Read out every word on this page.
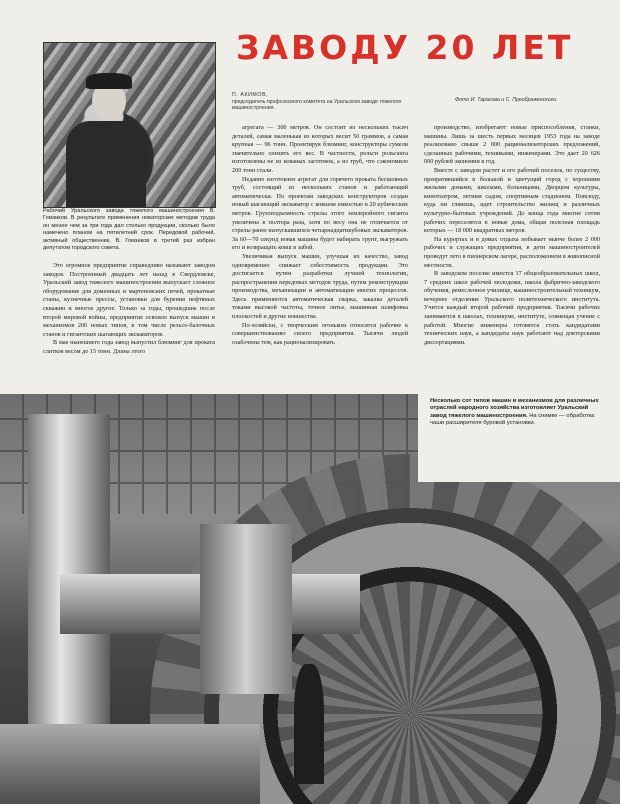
Рабочий Уральского завода тяжелого машиностроения В. Гомзиков. В результате применения новаторских методов труда он менее чем за три года дал столько продукции, сколько было намечено планом на пятилетний срок. Передовой рабочий, активный общественник, В. Гомзиков в третий раз избран депутатом городского совета.
ЗАВОДУ 20 ЛЕТ
П. АКИМОВ,
председатель профсоюзного комитета на Уральском заводе тяжелого машиностроения.
Фото И. Тарасова и С. Преображенского.

Это огромное предприятие справедливо называют заводом заводов. Построенный двадцать лет назад в Свердловске, Уральский завод тяжелого машиностроения выпускает сложное оборудование для доменных и мартеновских печей, прокатные станы, кузнечные прессы, установки для бурения нефтяных скважин и многое другое. Только за годы, прошедшие после второй мировой войны, предприятие освоило выпуск машин и механизмов 200 новых типов, в том числе рельсо-балочных станов и гигантских шагающих экскаваторов.

В мае нынешнего года завод выпустил блюминг для проката слитков весом до 15 тонн. Длина этого

агрегата — 300 метров. Он состоит из нескольких тысяч деталей, самая маленькая из которых весит 50 граммов, а самая крупная — 96 тонн. Проектируя блюминг, конструкторы сумели значительно снизить его вес. В частности, рольги рольганга изготовлены не из кованых заготовок, а из труб, что сэкономило 200 тонн стали.

Недавно изготовлен агрегат для горячего проката бесшовных труб, состоящий из нескольких станов и работающий автоматически. По проектам заводских конструкторов создан новый шагающий экскаватор с ковшом емкостью в 20 кубических метров. Грузоподъемность стрелы этого землеройного гиганта увеличена в полтора раза, хотя по весу она не отличается от стрелы ранее выпускавшихся четырнадцатикубовых экскаваторов. За 60—70 секунд новая машина будет набирать грунт, выгружать его и возвращать ковш в забой.

Увеличивая выпуск машин, улучшая их качество, завод одновременно снижает себестоимость продукции. Это достигается путем разработки лучшей технологии, распространения передовых методов труда, путем реконструкции производства, механизации и автоматизации многих процессов. Здесь применяются автоматическая сварка, закалка деталей токами высокой частоты, точное литье, машинная шлифовка плоскостей и другие новшества.

По-хозяйски, с творческим огоньком относятся рабочие к совершенствованию своего предприятия. Тысячи людей озабочены тем, как рационализировать

производство, изобретают новые приспособления, станки, машины. Лишь за шесть первых месяцев 1953 года на заводе реализовано свыше 2 000 рационализаторских предложений, сделанных рабочими, техниками, инженерами. Это дает 20 626 000 рублей экономии в год.

Вместе с заводом растет и его рабочий поселок, по существу, превратившийся в большой и цветущий город с хорошими жилыми домами, школами, больницами, Дворцом культуры, кинотеатром, летним садом, спортивным стадионом. Повсюду, куда ни глянешь, идет строительство жилищ и различных культурно-бытовых учреждений. До конца года многие сотни рабочих переселятся в новые дома, общая полезная площадь которых — 18 000 квадратных метров.

На курортах и в домах отдыха побывает нынче более 2 000 рабочих и служащих предприятия, в дети машиностроителей проведут лето в пионерском лагере, расположенном в живописной местности.

В заводском поселке имеется 17 общеобразовательных школ, 7 средних школ рабочей молодежи, школа фабрично-заводского обучения, ремесленное училище, машиностроительный техникум, вечернее отделение Уральского политехнического института. Учится каждый второй рабочий предприятия. Тысячи рабочих занимаются в школах, техникуме, институте, совмещая учение с работой. Многие инженеры готовятся стать кандидатами технических наук, а кандидаты наук работают над докторскими диссертациями.

Несколько сот типов машин и механизмов для различных отраслей народного хозяйства изготовляет Уральский завод тяжелого машиностроения. На снимке — обработка чаши расширителя буровой установки.
